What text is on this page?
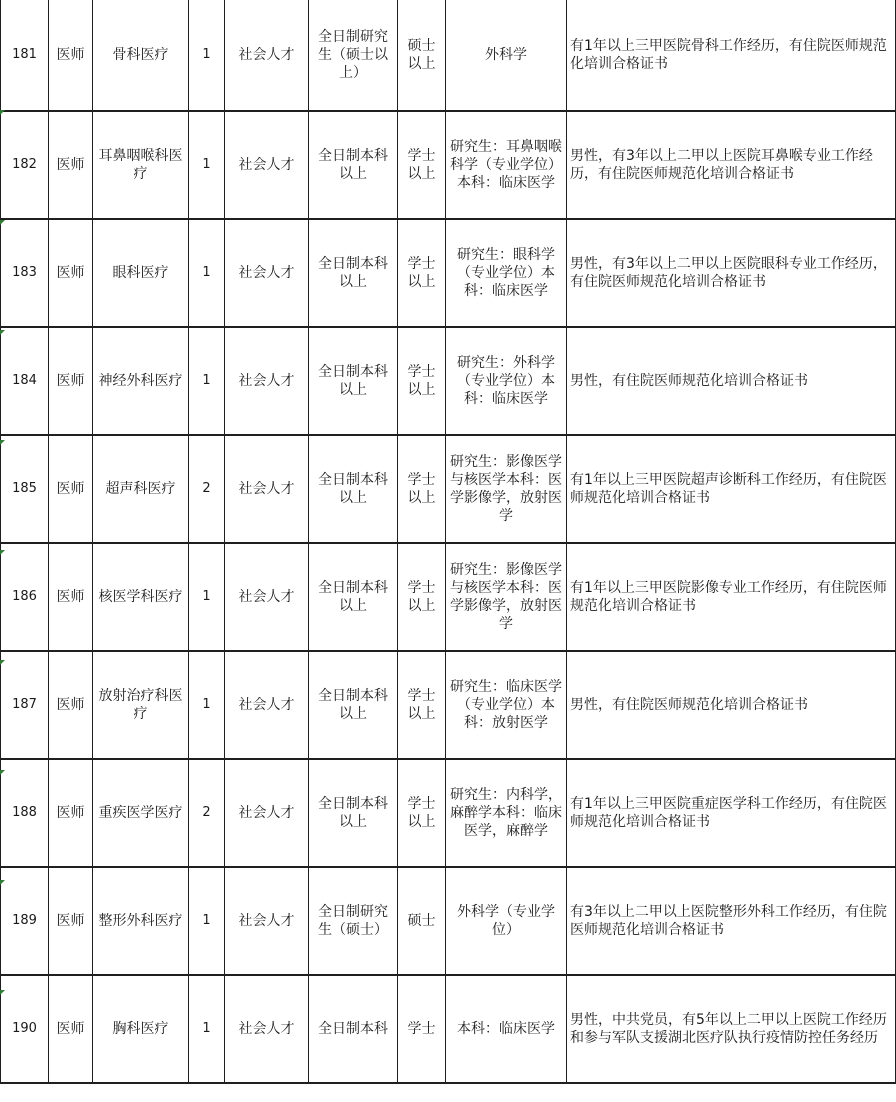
181	医师	骨科医疗	1	社会人才	全日制研究生（硕士以上）	硕士以上	外科学	有1年以上三甲医院骨科工作经历，有住院医师规范化培训合格证书
182	医师	耳鼻咽喉科医疗	1	社会人才	全日制本科以上	学士以上	研究生：耳鼻咽喉科学（专业学位）本科：临床医学	男性，有3年以上二甲以上医院耳鼻喉专业工作经历，有住院医师规范化培训合格证书
183	医师	眼科医疗	1	社会人才	全日制本科以上	学士以上	研究生：眼科学（专业学位）本科：临床医学	男性，有3年以上二甲以上医院眼科专业工作经历，有住院医师规范化培训合格证书
184	医师	神经外科医疗	1	社会人才	全日制本科以上	学士以上	研究生：外科学（专业学位）本科：临床医学	男性，有住院医师规范化培训合格证书
185	医师	超声科医疗	2	社会人才	全日制本科以上	学士以上	研究生：影像医学与核医学本科：医学影像学，放射医学	有1年以上三甲医院超声诊断科工作经历，有住院医师规范化培训合格证书
186	医师	核医学科医疗	1	社会人才	全日制本科以上	学士以上	研究生：影像医学与核医学本科：医学影像学，放射医学	有1年以上三甲医院影像专业工作经历，有住院医师规范化培训合格证书
187	医师	放射治疗科医疗	1	社会人才	全日制本科以上	学士以上	研究生：临床医学（专业学位）本科：放射医学	男性，有住院医师规范化培训合格证书
188	医师	重疾医学医疗	2	社会人才	全日制本科以上	学士以上	研究生：内科学，麻醉学本科：临床医学，麻醉学	有1年以上三甲医院重症医学科工作经历，有住院医师规范化培训合格证书
189	医师	整形外科医疗	1	社会人才	全日制研究生（硕士）	硕士	外科学（专业学位）	有3年以上二甲以上医院整形外科工作经历，有住院医师规范化培训合格证书
190	医师	胸科医疗	1	社会人才	全日制本科	学士	本科：临床医学	男性，中共党员，有5年以上二甲以上医院工作经历和参与军队支援湖北医疗队执行疫情防控任务经历
